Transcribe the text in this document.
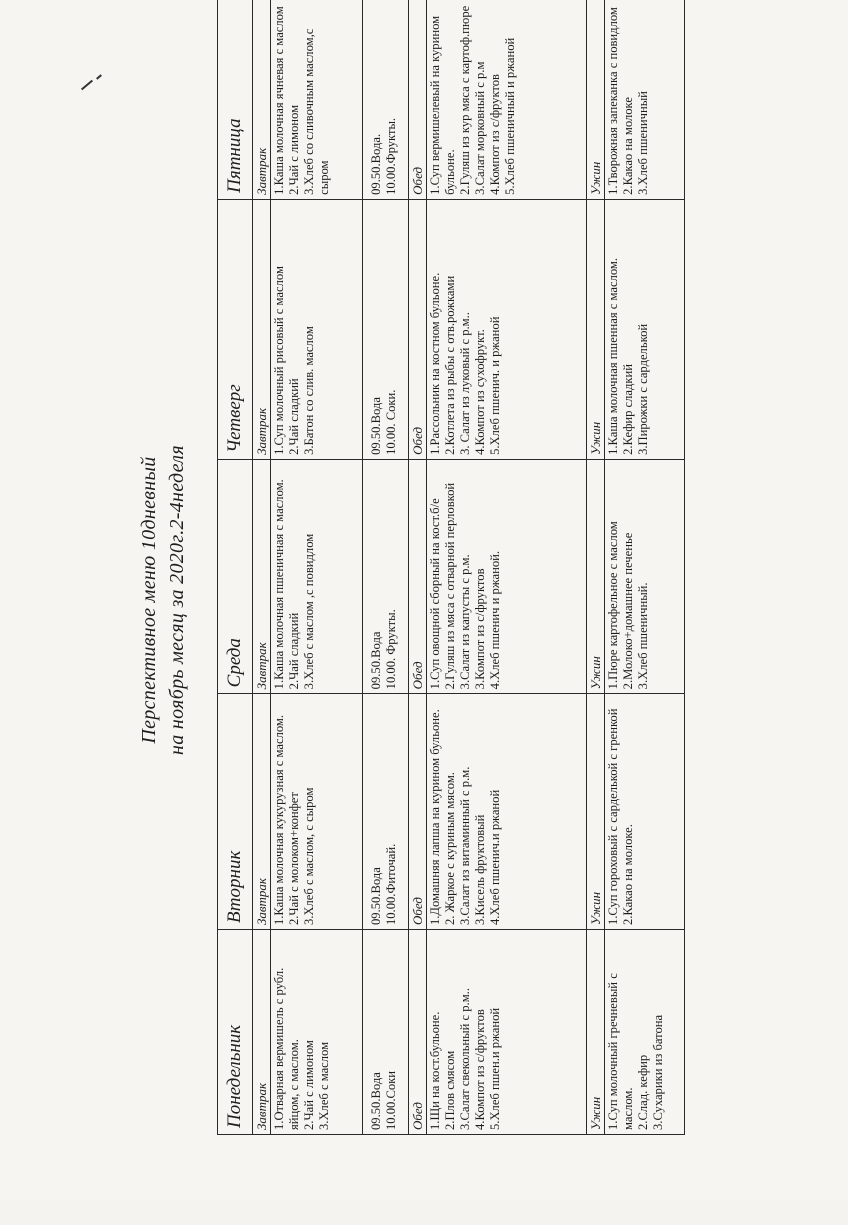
Перспективное меню 10дневный на ноябрь месяц за 2020г.2-4неделя
Понедельник	Вторник	Среда	Четверг	Пятница

Завтрак	Завтрак	Завтрак	Завтрак	Завтрак

1.Отварная вермишель с рубл. яйцом, с маслом. 2.Чай с лимоном 3.Хлеб с маслом	1.Каша молочная кукурузная с маслом. 2.Чай с молоком+конфет 3.Хлеб с маслом, с сыром	1.Каша молочная пшеничная с маслом. 2.Чай сладкий 3.Хлеб с маслом ,с повидлом	1.Суп молочный рисовый с маслом 2.Чай сладкий 3.Батон со слив. маслом	1.Каша молочная ячневая с маслом 2.Чай с лимоном 3.Хлеб со сливочным маслом,с сыром

09.50.Вода 10.00.Соки	09.50.Вода 10.00.Фиточай.	09.50.Вода 10.00. Фрукты.	09.50.Вода 10.00. Соки.	09.50.Вода. 10.00.Фрукты.

Обед	Обед	Обед	Обед	Обед

1.Щи на кост.бульоне. 2.Плов смясом 3.Салат свекольный с р.м.. 4.Компот из с/фруктов 5.Хлеб пшен.и ржаной	1.Домашняя лапша на курином бульоне. 2. Жаркое с куриным мясом. 3.Салат из витаминный с р.м. 3.Кисель фруктовый 4.Хлеб пшенич.и ржаной	1.Суп овощной сборный на кост.б/е 2.Гуляш из мяса с отварной перловкой 3.Салат из капусты с р.м. 3.Компот из с/фруктов 4.Хлеб пшенич и ржаной.	1.Рассольник на костном бульоне. 2.Котлета из рыбы с отв.рожками 3. Салат из луковый с р.м.. 4.Компот из сухофрукт. 5.Хлеб пшенич. и ржаной	1.Суп вермишелевый на курином бульоне. 2.Гуляш из кур мяса с картоф.пюре 3.Салат морковный с р.м 4.Компот из с/фруктов 5.Хлеб пшеничный и ржаной

Ужин	Ужин	Ужин	Ужин	Ужин

1.Суп молочный гречневый с маслом. 2.Слад. кефир 3.Сухарики из батона	1.Суп гороховый с сарделькой с гренкой 2.Какао на молоке.	1.Пюре картофельное с маслом 2.Молоко+домашнее печенье 3.Хлеб пшеничный.	1.Каша молочная пшенная с маслом. 2.Кефир сладкий 3.Пирожки с сарделькой	1.Творожная запеканка с повидлом 2.Какао на молоке 3.Хлеб пшеничный
